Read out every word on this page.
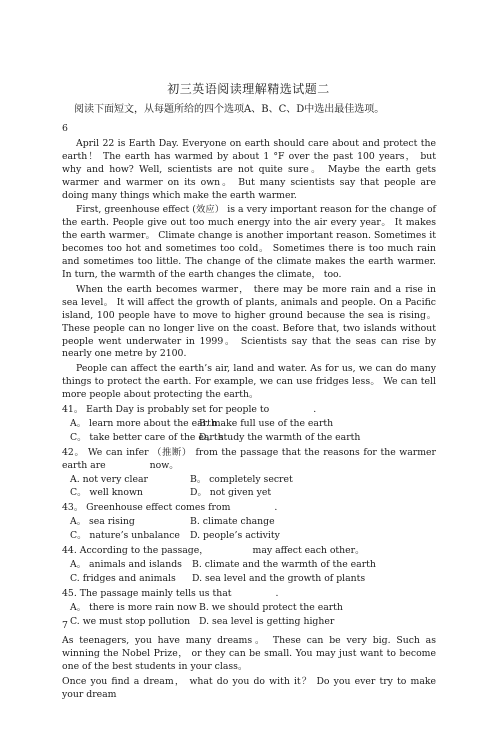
初三英语阅读理解精选试题二
阅读下面短文，从每题所给的四个选项A、B、C、D中选出最佳选项。

6

April 22 is Earth Day. Everyone on earth should care about and protect the earth！ The earth has warmed by about 1 °F over the past 100 years， but why and how? Well, scientists are not quite sure。 Maybe the earth gets warmer and warmer on its own。 But many scientists say that people are doing many things which make the earth warmer.

First, greenhouse effect (效应） is a very important reason for the change of the earth. People give out too much energy into the air every year。 It makes the earth warmer。 Climate change is another important reason. Sometimes it becomes too hot and sometimes too cold。 Sometimes there is too much rain and sometimes too little. The change of the climate makes the earth warmer. In turn, the warmth of the earth changes the climate， too.

When the earth becomes warmer， there may be more rain and a rise in sea level。 It will affect the growth of plants, animals and people. On a Pacific island, 100 people have to move to higher ground because the sea is rising。 These people can no longer live on the coast. Before that, two islands without people went underwater in 1999。 Scientists say that the seas can rise by nearly one metre by 2100.

People can affect the earth’s air, land and water. As for us, we can do many things to protect the earth. For example, we can use fridges less。 We can tell more people about protecting the earth。

41。 Earth Day is probably set for people to	.

A。 learn more about the earth
B. make full use of the earth
C。 take better care of the earth
D。 study the warmth of the earth

42。 We can infer （推断） from the passage that the reasons for the warmer earth are	now。

A. not very clear	B。 completely secret
C。 well known	D。 not given yet

43。 Greenhouse effect comes from	.

A。 sea rising	B. climate change
C。 nature’s unbalance	D. people’s activity

44. According to the passage，	may affect each other。

A。 animals and islands	B. climate and the warmth of the earth
C. fridges and animals	D. sea level and the growth of plants

45. The passage mainly tells us that	.

A。 there is more rain now B. we should protect the earth
C. we must stop pollution D. sea level is getting higher

7

As teenagers, you have many dreams。 These can be very big. Such as winning the Nobel Prize， or they can be small. You may just want to become one of the best students in your class。

Once you find a dream， what do you do with it？ Do you ever try to make your dream
